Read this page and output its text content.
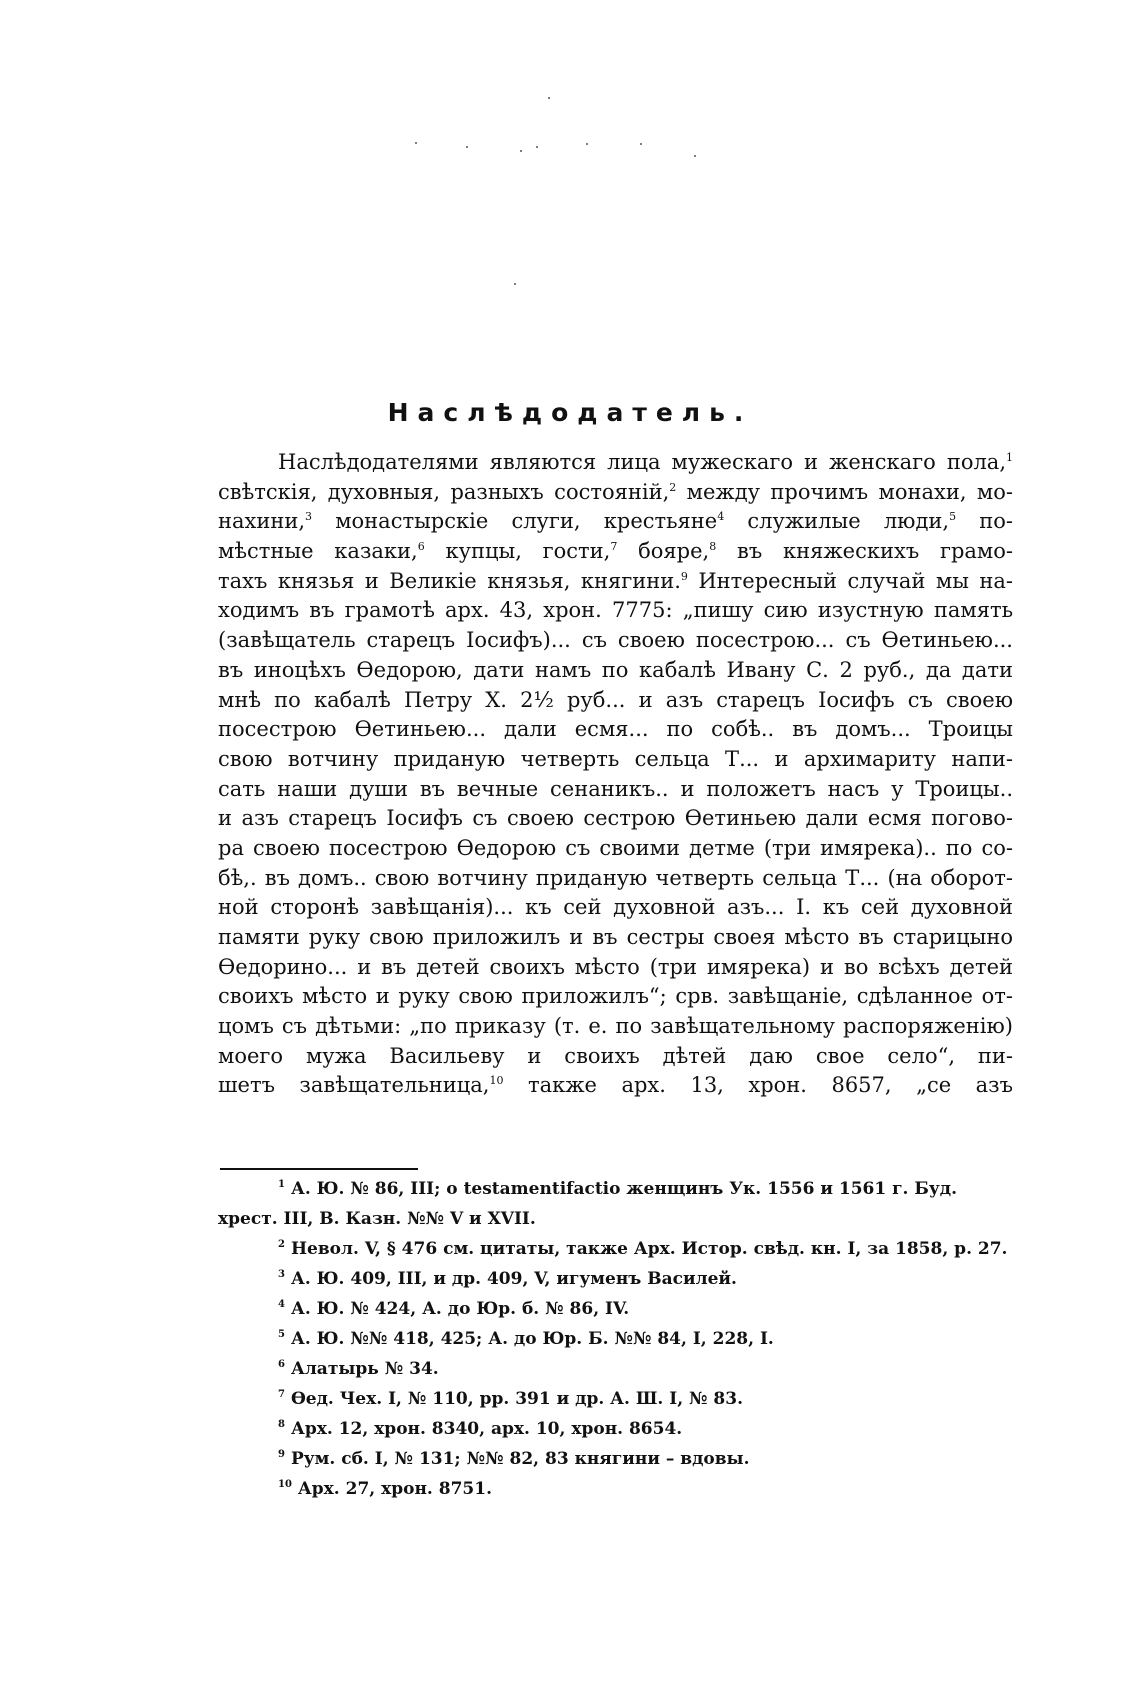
Наслѣдодатель.
Наслѣдодателями являются лица мужескаго и женскаго пола,$^1$
свѣтскія, духовныя, разныхъ состояній,$^2$ между прочимъ монахи, мо-
нахини,$^3$ монастырскіе слуги, крестьяне$^4$ служилые люди,$^5$ по-
мѣстные казаки,$^6$ купцы, гости,$^7$ бояре,$^8$ въ княжескихъ грамо-
тахъ князья и Великіе князья, княгини.$^9$ Интересный случай мы на-
ходимъ въ грамотѣ арх. 43, хрон. 7775: „пишу сию изустную память
(завѣщатель старецъ Іосифъ)... съ своею посестрою... съ Ѳетиньею...
въ иноцѣхъ Ѳедорою, дати намъ по кабалѣ Ивану С. 2 руб., да дати
мнѣ по кабалѣ Петру Х. 2½ руб... и азъ старецъ Іосифъ съ своею
посестрою Ѳетиньею... дали есмя... по собѣ.. въ домъ... Троицы
свою вотчину приданую четверть сельца Т... и архимариту напи-
сать наши души въ вечные сенаникъ.. и положетъ насъ у Троицы..
и азъ старецъ Іосифъ съ своею сестрою Ѳетиньею дали есмя погово-
ра своею посестрою Ѳедорою съ своими детме (три имярека).. по со-
бѣ,. въ домъ.. свою вотчину приданую четверть сельца Т... (на оборот-
ной сторонѣ завѣщанія)... къ сей духовной азъ... І. къ сей духовной
памяти руку свою приложилъ и въ сестры своея мѣсто въ старицыно
Ѳедорино... и въ детей своихъ мѣсто (три имярека) и во всѣхъ детей
своихъ мѣсто и руку свою приложилъ“; срв. завѣщаніе, сдѣланное от-
цомъ съ дѣтьми: „по приказу (т. е. по завѣщательному распоряженію)
моего мужа Васильеву и своихъ дѣтей даю свое село“, пи-
шетъ завѣщательница,$^{10}$ также арх. 13, хрон. 8657, „се азъ
$^1$ А. Ю. № 86, III; о testamentifactio женщинъ Ук. 1556 и 1561 г. Буд.
хрест. III, В. Казн. №№ V и XVII.
$^2$ Невол. V, § 476 см. цитаты, также Арх. Истор. свѣд. кн. I, за 1858, р. 27.
$^3$ А. Ю. 409, III, и др. 409, V, игуменъ Василей.
$^4$ А. Ю. № 424, А. до Юр. б. № 86, IV.
$^5$ А. Ю. №№ 418, 425; А. до Юр. Б. №№ 84, I, 228, I.
$^6$ Алатырь № 34.
$^7$ Ѳед. Чех. I, № 110, рр. 391 и др. А. Ш. I, № 83.
$^8$ Арх. 12, хрон. 8340, арх. 10, хрон. 8654.
$^9$ Рум. сб. I, № 131; №№ 82, 83 княгини – вдовы.
$^{10}$ Арх. 27, хрон. 8751.
